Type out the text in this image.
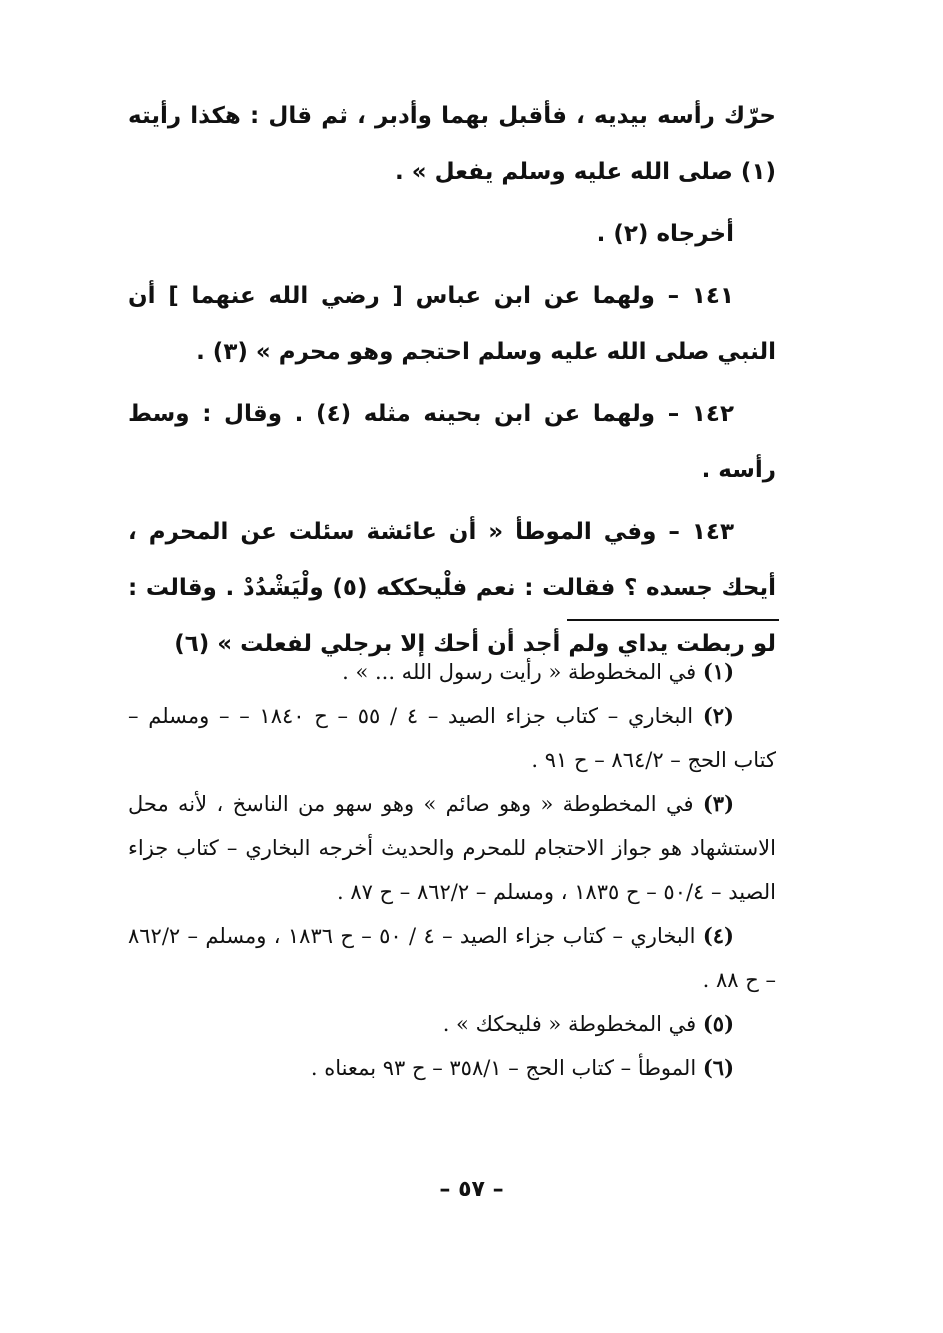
حرّك رأسه بيديه ، فأقبل بهما وأدبر ، ثم قال : هكذا رأيته (١) صلى الله عليه وسلم يفعل » .

أخرجاه (٢) .

١٤١ – ولهما عن ابن عباس [ رضي الله عنهما ] أن النبي صلى الله عليه وسلم احتجم وهو محرم » (٣) .

١٤٢ – ولهما عن ابن بحينه مثله (٤) . وقال : وسط رأسه .

١٤٣ – وفي الموطأ « أن عائشة سئلت عن المحرم ، أيحك جسده ؟ فقالت : نعم فلْيحككه (٥) ولْيَشْدُدْ . وقالت : لو ربطت يداي ولم أجد أن أحك إلا برجلي لفعلت » (٦)

(١) في المخطوطة « رأيت رسول الله ... » .

(٢) البخاري – كتاب جزاء الصيد – ٤ / ٥٥ – ح ١٨٤٠ – – ومسلم – كتاب الحج – ٨٦٤/٢ – ح ٩١ .

(٣) في المخطوطة « وهو صائم » وهو سهو من الناسخ ، لأنه محل الاستشهاد هو جواز الاحتجام للمحرم والحديث أخرجه البخاري – كتاب جزاء الصيد – ٥٠/٤ – ح ١٨٣٥ ، ومسلم – ٨٦٢/٢ – ح ٨٧ .

(٤) البخاري – كتاب جزاء الصيد – ٤ / ٥٠ – ح ١٨٣٦ ، ومسلم – ٨٦٢/٢ – ح ٨٨ .

(٥) في المخطوطة « فليحكك » .

(٦) الموطأ – كتاب الحج – ٣٥٨/١ – ح ٩٣ بمعناه .

– ٥٧ –
